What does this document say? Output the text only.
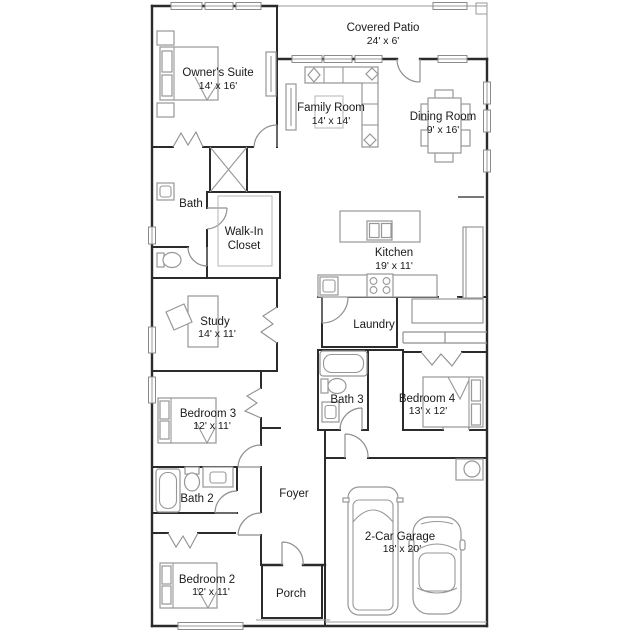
Covered Patio
24' x 6'
Owner's Suite
14' x 16'
Family Room
14' x 14'	Dining Room
9' x 16'
Bath
Walk-In
Closet
Kitchen
19' x 11'
Study
14' x 11'
Laundry
Bath 3	Bedroom 4
13' x 12'
Bedroom 3
12' x 11'
Bath 2	Foyer
2-Car Garage
18' x 20'
Bedroom 2
12' x 11'	Porch
